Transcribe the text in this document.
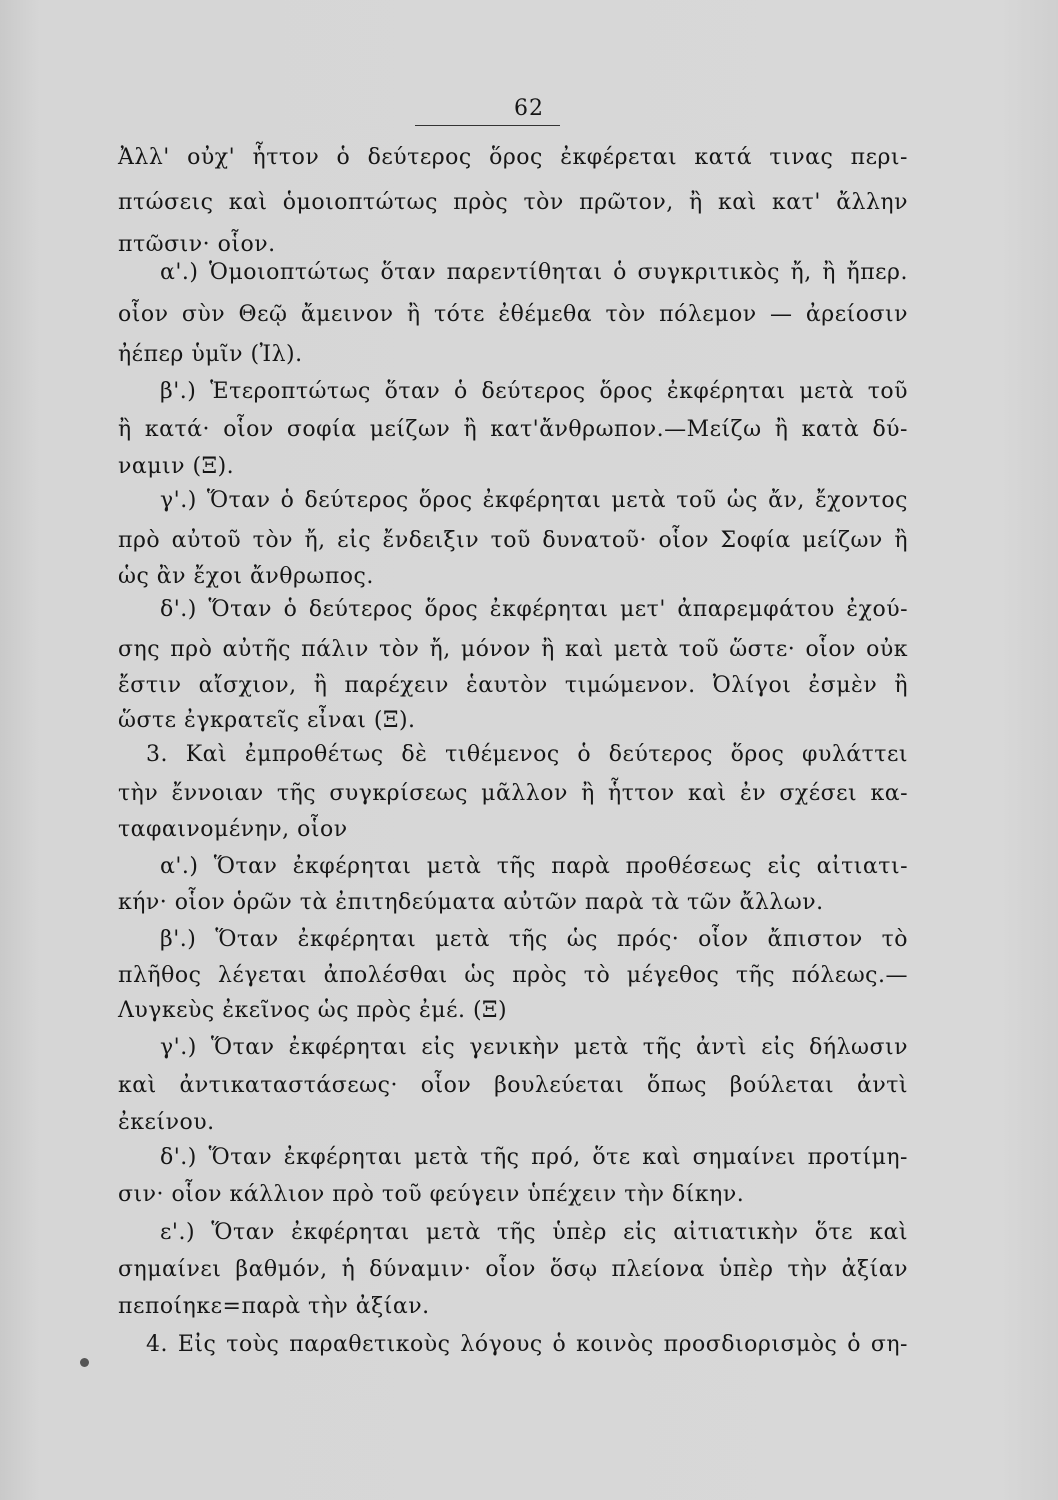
62
Ἀλλ' οὐχ' ἧττον ὁ δεύτερος ὅρος ἐκφέρεται κατά τινας περι-
πτώσεις καὶ ὁμοιοπτώτως πρὸς τὸν πρῶτον, ἢ καὶ κατ' ἄλλην
πτῶσιν· οἷον.
α'.) Ὁμοιοπτώτως ὅταν παρεντίθηται ὁ συγκριτικὸς ἤ, ἢ ἤπερ.
οἷον σὺν Θεῷ ἄμεινον ἢ τότε ἐθέμεθα τὸν πόλεμον — ἀρείοσιν
ἠέπερ ὑμῖν (Ἰλ).
β'.) Ἑτεροπτώτως ὅταν ὁ δεύτερος ὅρος ἐκφέρηται μετὰ τοῦ
ἢ κατά· οἷον σοφία μείζων ἢ κατ'ἄνθρωπον.—Μείζω ἢ κατὰ δύ-
ναμιν (Ξ).
γ'.) Ὅταν ὁ δεύτερος ὅρος ἐκφέρηται μετὰ τοῦ ὡς ἄν, ἔχοντος
πρὸ αὐτοῦ τὸν ἤ, εἰς ἔνδειξιν τοῦ δυνατοῦ· οἷον Σοφία μείζων ἢ
ὡς ἂν ἔχοι ἄνθρωπος.
δ'.) Ὅταν ὁ δεύτερος ὅρος ἐκφέρηται μετ' ἀπαρεμφάτου ἐχού-
σης πρὸ αὐτῆς πάλιν τὸν ἤ, μόνον ἢ καὶ μετὰ τοῦ ὥστε· οἷον οὐκ
ἔστιν αἴσχιον, ἢ παρέχειν ἑαυτὸν τιμώμενον. Ὀλίγοι ἐσμὲν ἢ
ὥστε ἐγκρατεῖς εἶναι (Ξ).
3. Καὶ ἐμπροθέτως δὲ τιθέμενος ὁ δεύτερος ὅρος φυλάττει
τὴν ἔννοιαν τῆς συγκρίσεως μᾶλλον ἢ ἧττον καὶ ἐν σχέσει κα-
ταφαινομένην, οἷον
α'.) Ὅταν ἐκφέρηται μετὰ τῆς παρὰ προθέσεως εἰς αἰτιατι-
κήν· οἷον ὁρῶν τὰ ἐπιτηδεύματα αὐτῶν παρὰ τὰ τῶν ἄλλων.
β'.) Ὅταν ἐκφέρηται μετὰ τῆς ὡς πρός· οἷον ἄπιστον τὸ
πλῆθος λέγεται ἀπολέσθαι ὡς πρὸς τὸ μέγεθος τῆς πόλεως.—
Λυγκεὺς ἐκεῖνος ὡς πρὸς ἐμέ. (Ξ)
γ'.) Ὅταν ἐκφέρηται εἰς γενικὴν μετὰ τῆς ἀντὶ εἰς δήλωσιν
καὶ ἀντικαταστάσεως· οἷον βουλεύεται ὅπως βούλεται ἀντὶ
ἐκείνου.
δ'.) Ὅταν ἐκφέρηται μετὰ τῆς πρό, ὅτε καὶ σημαίνει προτίμη-
σιν· οἷον κάλλιον πρὸ τοῦ φεύγειν ὑπέχειν τὴν δίκην.
ε'.) Ὅταν ἐκφέρηται μετὰ τῆς ὑπὲρ εἰς αἰτιατικὴν ὅτε καὶ
σημαίνει βαθμόν, ἡ δύναμιν· οἷον ὅσῳ πλείονα ὑπὲρ τὴν ἀξίαν
πεποίηκε=παρὰ τὴν ἀξίαν.
4. Εἰς τοὺς παραθετικοὺς λόγους ὁ κοινὸς προσδιορισμὸς ὁ ση-
